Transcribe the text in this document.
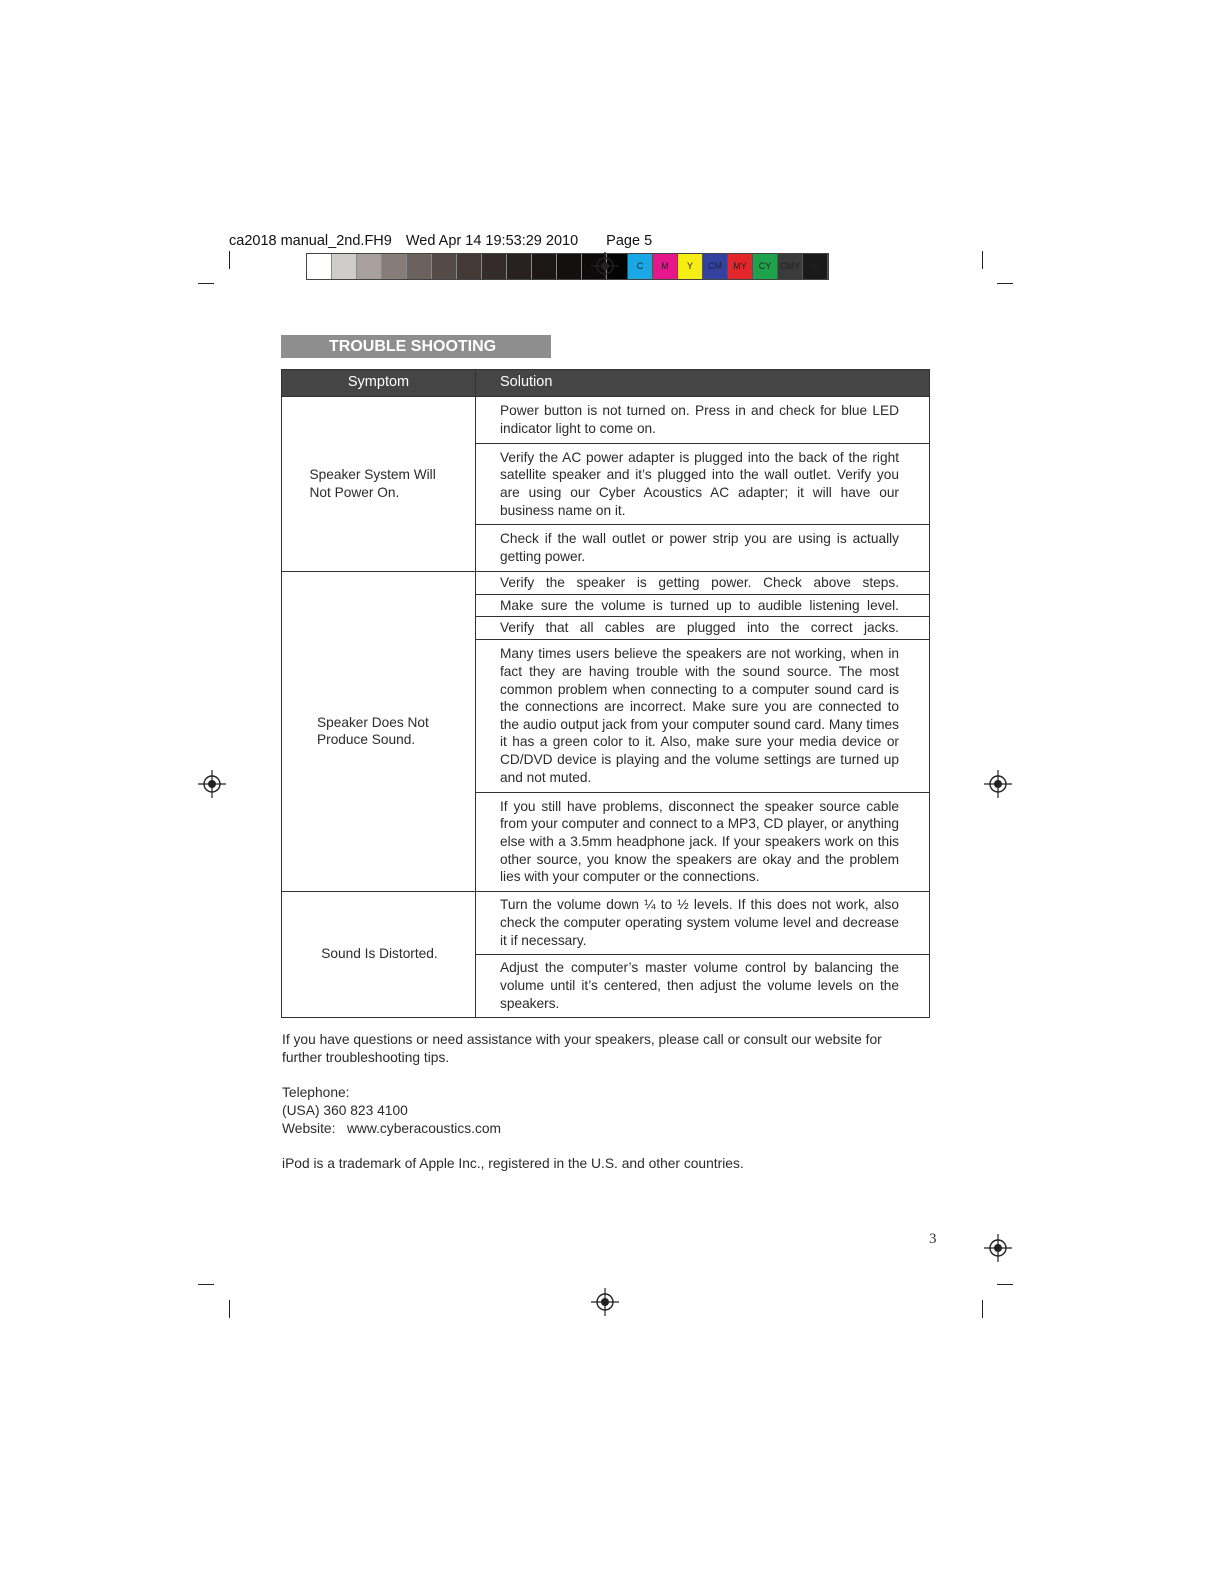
ca2018 manual_2nd.FH9 Wed Apr 14 19:53:29 2010 Page 5
C	M	Y	CM	MY	CY CMY	K
TROUBLE SHOOTING
Symptom	Solution
Speaker System Will Not Power On.	Power button is not turned on. Press in and check for blue LED indicator light to come on.
	Verify the AC power adapter is plugged into the back of the right satellite speaker and it’s plugged into the wall outlet. Verify you are using our Cyber Acoustics AC adapter; it will have our business name on it.
	Check if the wall outlet or power strip you are using is actually getting power.
Speaker Does Not Produce Sound.	Verify the speaker is getting power. Check above steps.
	Make sure the volume is turned up to audible listening level.
	Verify that all cables are plugged into the correct jacks.
	Many times users believe the speakers are not working, when in fact they are having trouble with the sound source. The most common problem when connecting to a computer sound card is the connections are incorrect. Make sure you are connected to the audio output jack from your computer sound card. Many times it has a green color to it. Also, make sure your media device or CD/DVD device is playing and the volume settings are turned up and not muted.
	If you still have problems, disconnect the speaker source cable from your computer and connect to a MP3, CD player, or anything else with a 3.5mm headphone jack. If your speakers work on this other source, you know the speakers are okay and the problem lies with your computer or the connections.
Sound Is Distorted.	Turn the volume down ¼ to ½ levels. If this does not work, also check the computer operating system volume level and decrease it if necessary.
	Adjust the computer’s master volume control by balancing the volume until it’s centered, then adjust the volume levels on the speakers.
If you have questions or need assistance with your speakers, please call or consult our website for further troubleshooting tips.
Telephone:
(USA) 360 823 4100
Website: www.cyberacoustics.com
iPod is a trademark of Apple Inc., registered in the U.S. and other countries.
3
